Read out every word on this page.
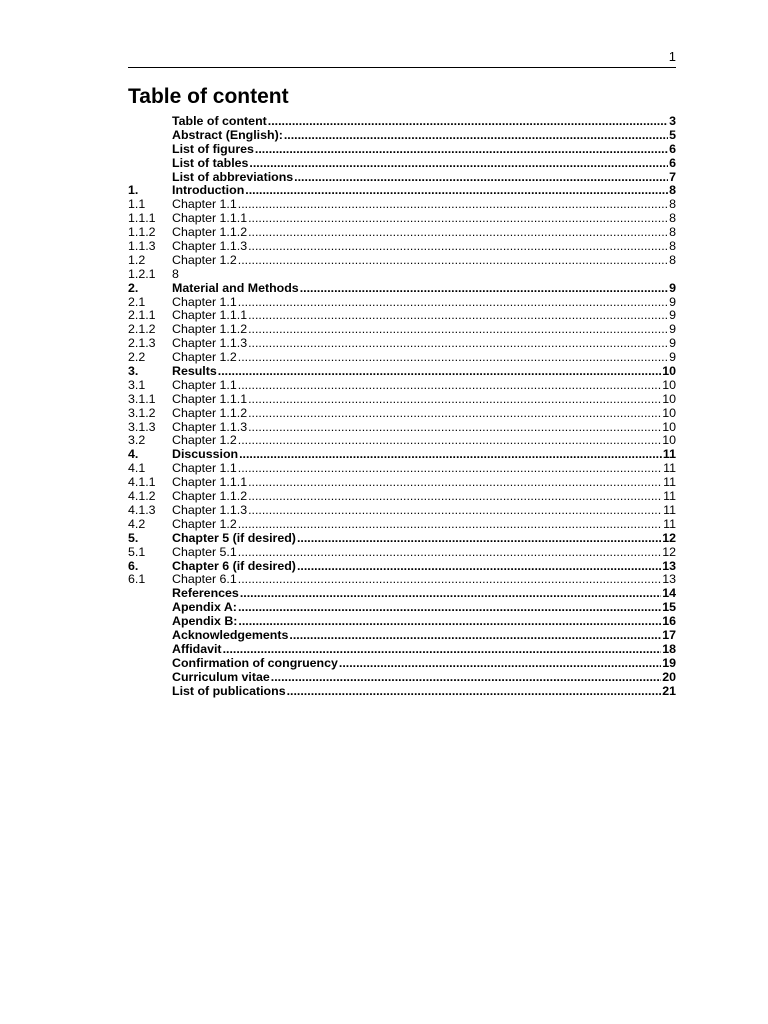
1
Table of content
Table of content .....	3
Abstract (English): .....	5
List of figures .....	6
List of tables .....	6
List of abbreviations .....	7
1.	Introduction .....	8
1.1	Chapter 1.1 .....	8
1.1.1	Chapter 1.1.1 .....	8
1.1.2	Chapter 1.1.2 .....	8
1.1.3	Chapter 1.1.3 .....	8
1.2	Chapter 1.2 .....	8
1.2.1	8
2.	Material and Methods .....	9
2.1	Chapter 1.1 .....	9
2.1.1	Chapter 1.1.1 .....	9
2.1.2	Chapter 1.1.2 .....	9
2.1.3	Chapter 1.1.3 .....	9
2.2	Chapter 1.2 .....	9
3.	Results .....	10
3.1	Chapter 1.1 .....	10
3.1.1	Chapter 1.1.1 .....	10
3.1.2	Chapter 1.1.2 .....	10
3.1.3	Chapter 1.1.3 .....	10
3.2	Chapter 1.2 .....	10
4.	Discussion .....	11
4.1	Chapter 1.1 .....	11
4.1.1	Chapter 1.1.1 .....	11
4.1.2	Chapter 1.1.2 .....	11
4.1.3	Chapter 1.1.3 .....	11
4.2	Chapter 1.2 .....	11
5.	Chapter 5 (if desired) .....	12
5.1	Chapter 5.1 .....	12
6.	Chapter 6 (if desired) .....	13
6.1	Chapter 6.1 .....	13
References .....	14
Apendix A: .....	15
Apendix B: .....	16
Acknowledgements .....	17
Affidavit .....	18
Confirmation of congruency .....	19
Curriculum vitae .....	20
List of publications .....	21
